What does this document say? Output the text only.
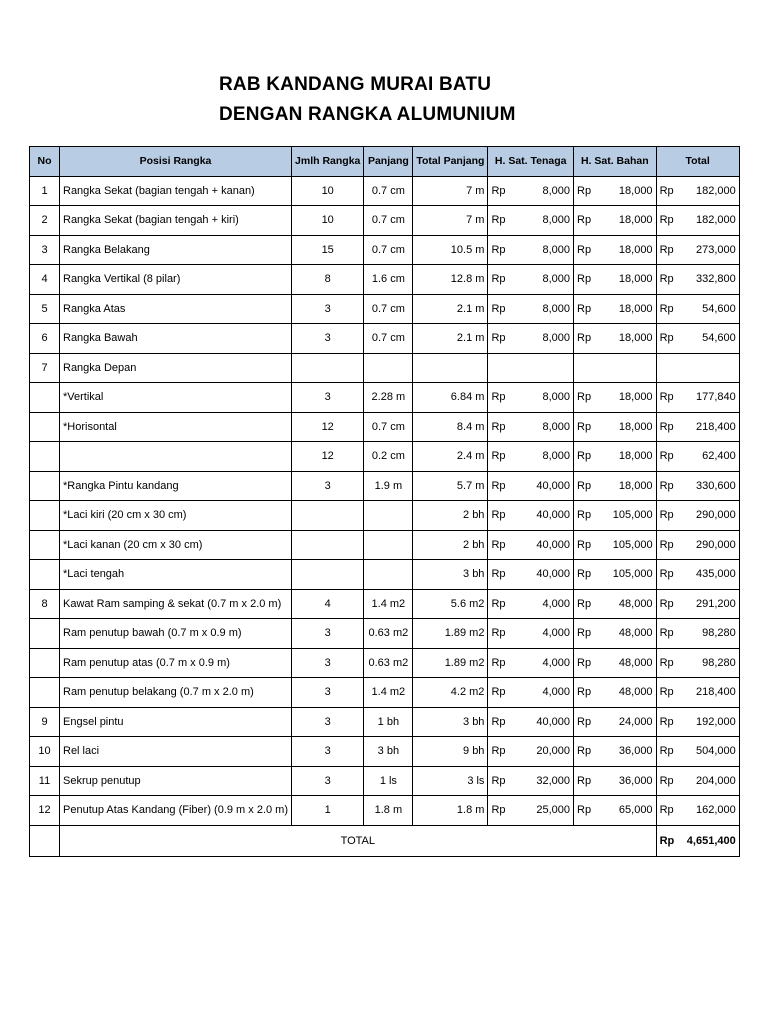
RAB KANDANG MURAI BATU
DENGAN RANGKA ALUMUNIUM
No	Posisi Rangka	Jmlh Rangka	Panjang	Total Panjang	H. Sat. Tenaga		H. Sat. Bahan		Total	
1	Rangka Sekat (bagian tengah + kanan)	10	0.7 cm	7 m	Rp	8,000	Rp	18,000	Rp	182,000
2	Rangka Sekat (bagian tengah + kiri)	10	0.7 cm	7 m	Rp	8,000	Rp	18,000	Rp	182,000
3	Rangka Belakang	15	0.7 cm	10.5 m	Rp	8,000	Rp	18,000	Rp	273,000
4	Rangka Vertikal (8 pilar)	8	1.6 cm	12.8 m	Rp	8,000	Rp	18,000	Rp	332,800
5	Rangka Atas	3	0.7 cm	2.1 m	Rp	8,000	Rp	18,000	Rp	54,600
6	Rangka Bawah	3	0.7 cm	2.1 m	Rp	8,000	Rp	18,000	Rp	54,600
7	Rangka Depan									
	*Vertikal	3	2.28 m	6.84 m	Rp	8,000	Rp	18,000	Rp	177,840
	*Horisontal	12	0.7 cm	8.4 m	Rp	8,000	Rp	18,000	Rp	218,400
		12	0.2 cm	2.4 m	Rp	8,000	Rp	18,000	Rp	62,400
	*Rangka Pintu kandang	3	1.9 m	5.7 m	Rp	40,000	Rp	18,000	Rp	330,600
	*Laci kiri (20 cm x 30 cm)			2 bh	Rp	40,000	Rp	105,000	Rp	290,000
	*Laci kanan (20 cm x 30 cm)			2 bh	Rp	40,000	Rp	105,000	Rp	290,000
	*Laci tengah			3 bh	Rp	40,000	Rp	105,000	Rp	435,000
8	Kawat Ram samping & sekat (0.7 m x 2.0 m)	4	1.4 m2	5.6 m2	Rp	4,000	Rp	48,000	Rp	291,200
	Ram penutup bawah (0.7 m x 0.9 m)	3	0.63 m2	1.89 m2	Rp	4,000	Rp	48,000	Rp	98,280
	Ram penutup atas (0.7 m x 0.9 m)	3	0.63 m2	1.89 m2	Rp	4,000	Rp	48,000	Rp	98,280
	Ram penutup belakang (0.7 m x 2.0 m)	3	1.4 m2	4.2 m2	Rp	4,000	Rp	48,000	Rp	218,400
9	Engsel pintu	3	1 bh	3 bh	Rp	40,000	Rp	24,000	Rp	192,000
10	Rel laci	3	3 bh	9 bh	Rp	20,000	Rp	36,000	Rp	504,000
11	Sekrup penutup	3	1 ls	3 ls	Rp	32,000	Rp	36,000	Rp	204,000
12	Penutup Atas Kandang (Fiber) (0.9 m x 2.0 m)	1	1.8 m	1.8 m	Rp	25,000	Rp	65,000	Rp	162,000
	TOTAL								Rp	4,651,400
